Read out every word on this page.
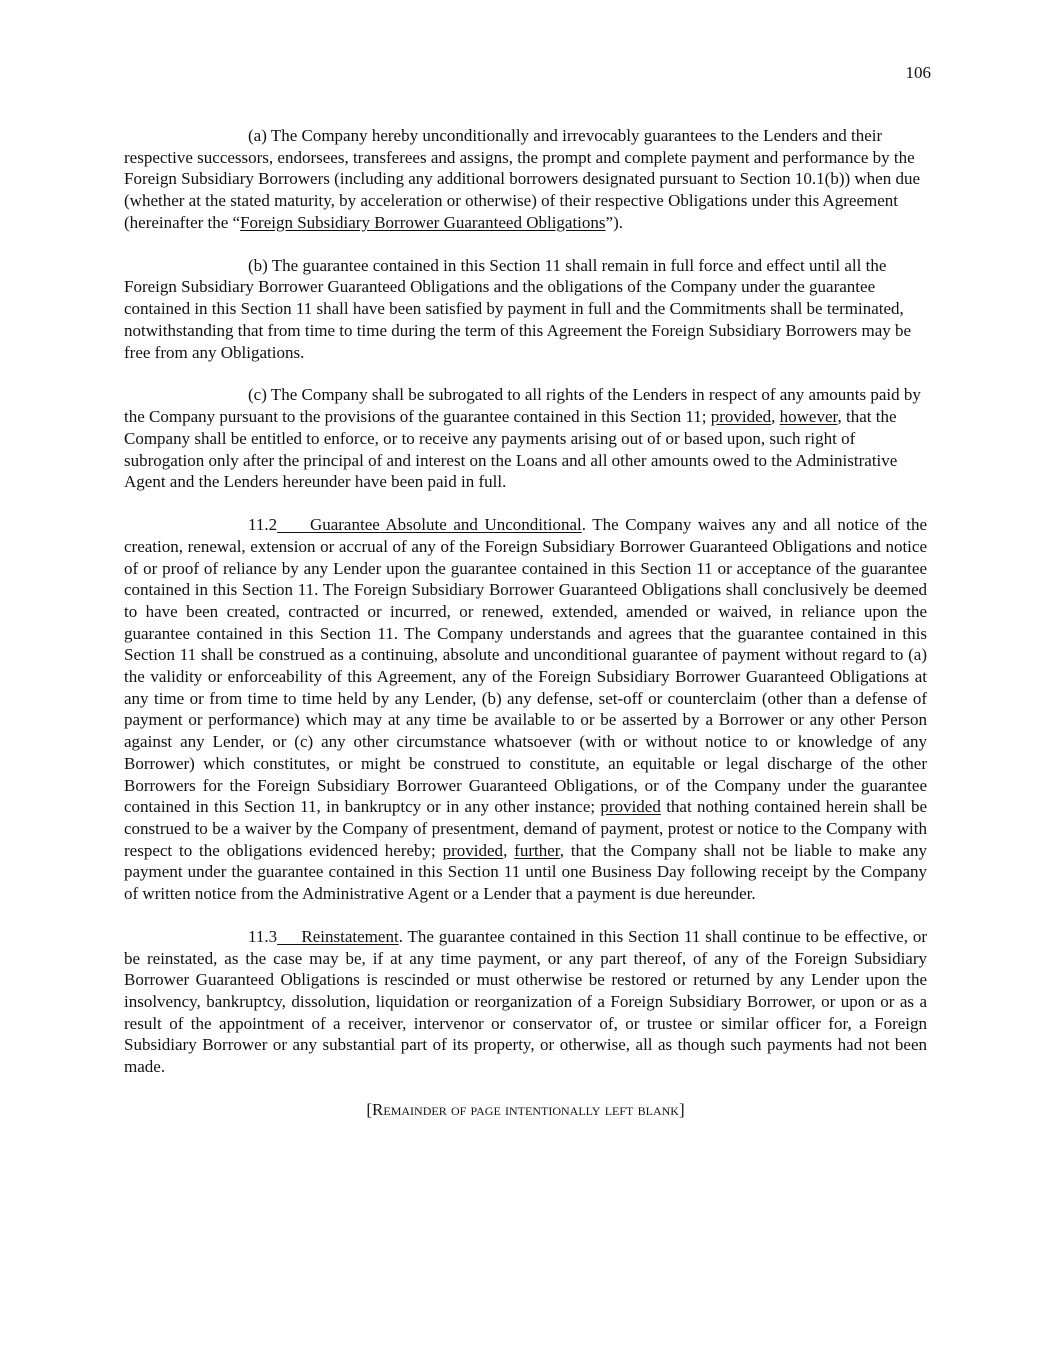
106

(a) The Company hereby unconditionally and irrevocably guarantees to the Lenders and their respective successors, endorsees, transferees and assigns, the prompt and complete payment and performance by the Foreign Subsidiary Borrowers (including any additional borrowers designated pursuant to Section 10.1(b)) when due (whether at the stated maturity, by acceleration or otherwise) of their respective Obligations under this Agreement (hereinafter the “Foreign Subsidiary Borrower Guaranteed Obligations”).

(b) The guarantee contained in this Section 11 shall remain in full force and effect until all the Foreign Subsidiary Borrower Guaranteed Obligations and the obligations of the Company under the guarantee contained in this Section 11 shall have been satisfied by payment in full and the Commitments shall be terminated, notwithstanding that from time to time during the term of this Agreement the Foreign Subsidiary Borrowers may be free from any Obligations.

(c) The Company shall be subrogated to all rights of the Lenders in respect of any amounts paid by the Company pursuant to the provisions of the guarantee contained in this Section 11; provided, however, that the Company shall be entitled to enforce, or to receive any payments arising out of or based upon, such right of subrogation only after the principal of and interest on the Loans and all other amounts owed to the Administrative Agent and the Lenders hereunder have been paid in full.

11.2 Guarantee Absolute and Unconditional. The Company waives any and all notice of the creation, renewal, extension or accrual of any of the Foreign Subsidiary Borrower Guaranteed Obligations and notice of or proof of reliance by any Lender upon the guarantee contained in this Section 11 or acceptance of the guarantee contained in this Section 11. The Foreign Subsidiary Borrower Guaranteed Obligations shall conclusively be deemed to have been created, contracted or incurred, or renewed, extended, amended or waived, in reliance upon the guarantee contained in this Section 11. The Company understands and agrees that the guarantee contained in this Section 11 shall be construed as a continuing, absolute and unconditional guarantee of payment without regard to (a) the validity or enforceability of this Agreement, any of the Foreign Subsidiary Borrower Guaranteed Obligations at any time or from time to time held by any Lender, (b) any defense, set-off or counterclaim (other than a defense of payment or performance) which may at any time be available to or be asserted by a Borrower or any other Person against any Lender, or (c) any other circumstance whatsoever (with or without notice to or knowledge of any Borrower) which constitutes, or might be construed to constitute, an equitable or legal discharge of the other Borrowers for the Foreign Subsidiary Borrower Guaranteed Obligations, or of the Company under the guarantee contained in this Section 11, in bankruptcy or in any other instance; provided that nothing contained herein shall be construed to be a waiver by the Company of presentment, demand of payment, protest or notice to the Company with respect to the obligations evidenced hereby; provided, further, that the Company shall not be liable to make any payment under the guarantee contained in this Section 11 until one Business Day following receipt by the Company of written notice from the Administrative Agent or a Lender that a payment is due hereunder.

11.3 Reinstatement. The guarantee contained in this Section 11 shall continue to be effective, or be reinstated, as the case may be, if at any time payment, or any part thereof, of any of the Foreign Subsidiary Borrower Guaranteed Obligations is rescinded or must otherwise be restored or returned by any Lender upon the insolvency, bankruptcy, dissolution, liquidation or reorganization of a Foreign Subsidiary Borrower, or upon or as a result of the appointment of a receiver, intervenor or conservator of, or trustee or similar officer for, a Foreign Subsidiary Borrower or any substantial part of its property, or otherwise, all as though such payments had not been made.

[Remainder of page intentionally left blank]
